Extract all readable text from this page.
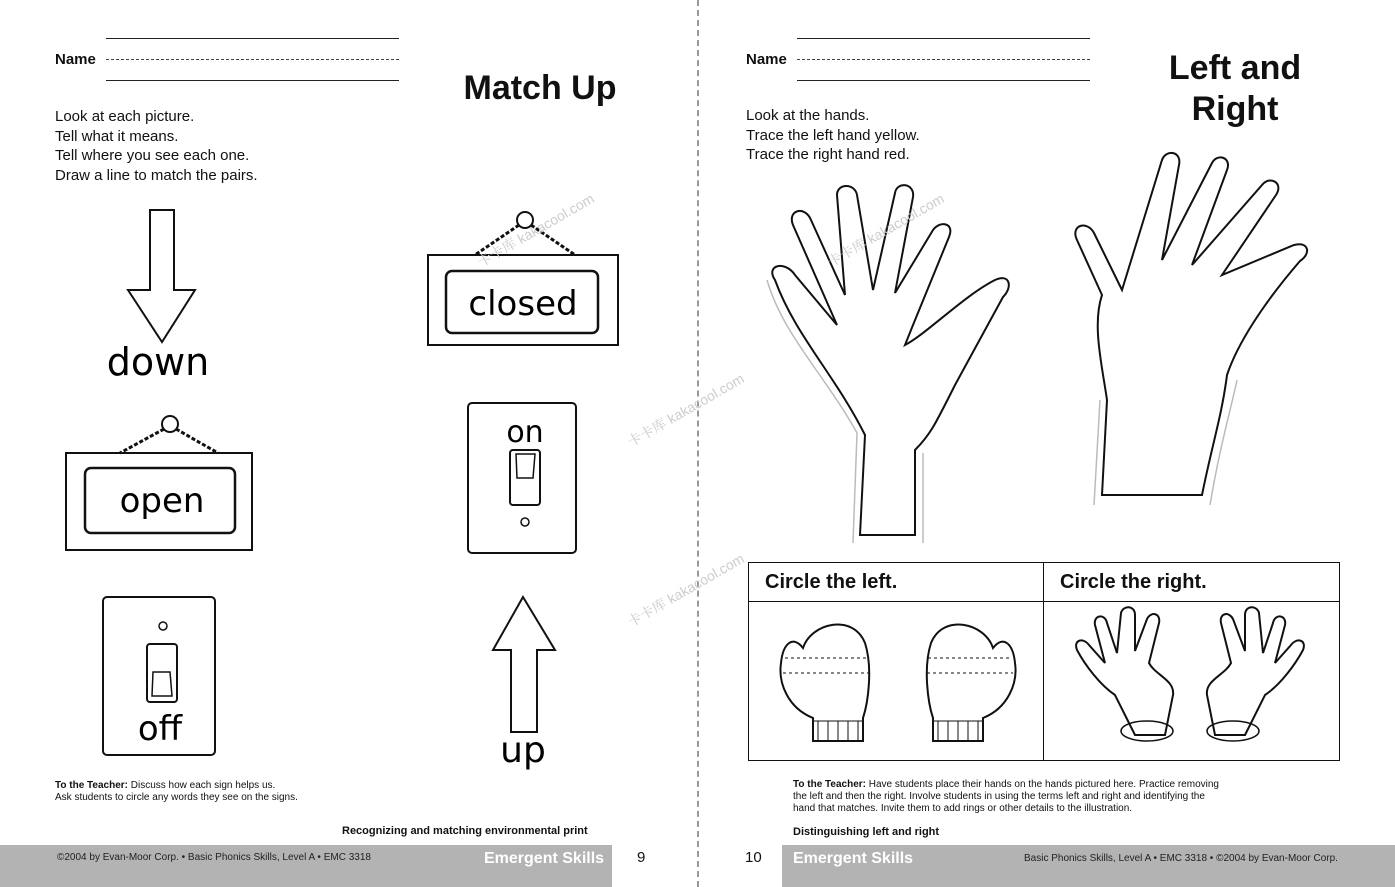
Name
Match Up
Look at each picture.
Tell what it means.
Tell where you see each one.
Draw a line to match the pairs.
down
open
off
closed
on
up
To the Teacher: Discuss how each sign helps us.
Ask students to circle any words they see on the signs.
Recognizing and matching environmental print
©2004 by Evan-Moor Corp. • Basic Phonics Skills, Level A • EMC 3318	Emergent Skills 9
Name	Left and
Right
Look at the hands.
Trace the left hand yellow.
Trace the right hand red.
Circle the left.	Circle the right.
To the Teacher: Have students place their hands on the hands pictured here. Practice removing
the left and then the right. Involve students in using the terms left and right and identifying the
hand that matches. Invite them to add rings or other details to the illustration.
Distinguishing left and right
10 Emergent Skills	Basic Phonics Skills, Level A • EMC 3318 • ©2004 by Evan-Moor Corp.
卡卡库 kakacool.com
卡卡库 kakacool.com
卡卡库 kakacool.com
卡卡库 kakacool.com
